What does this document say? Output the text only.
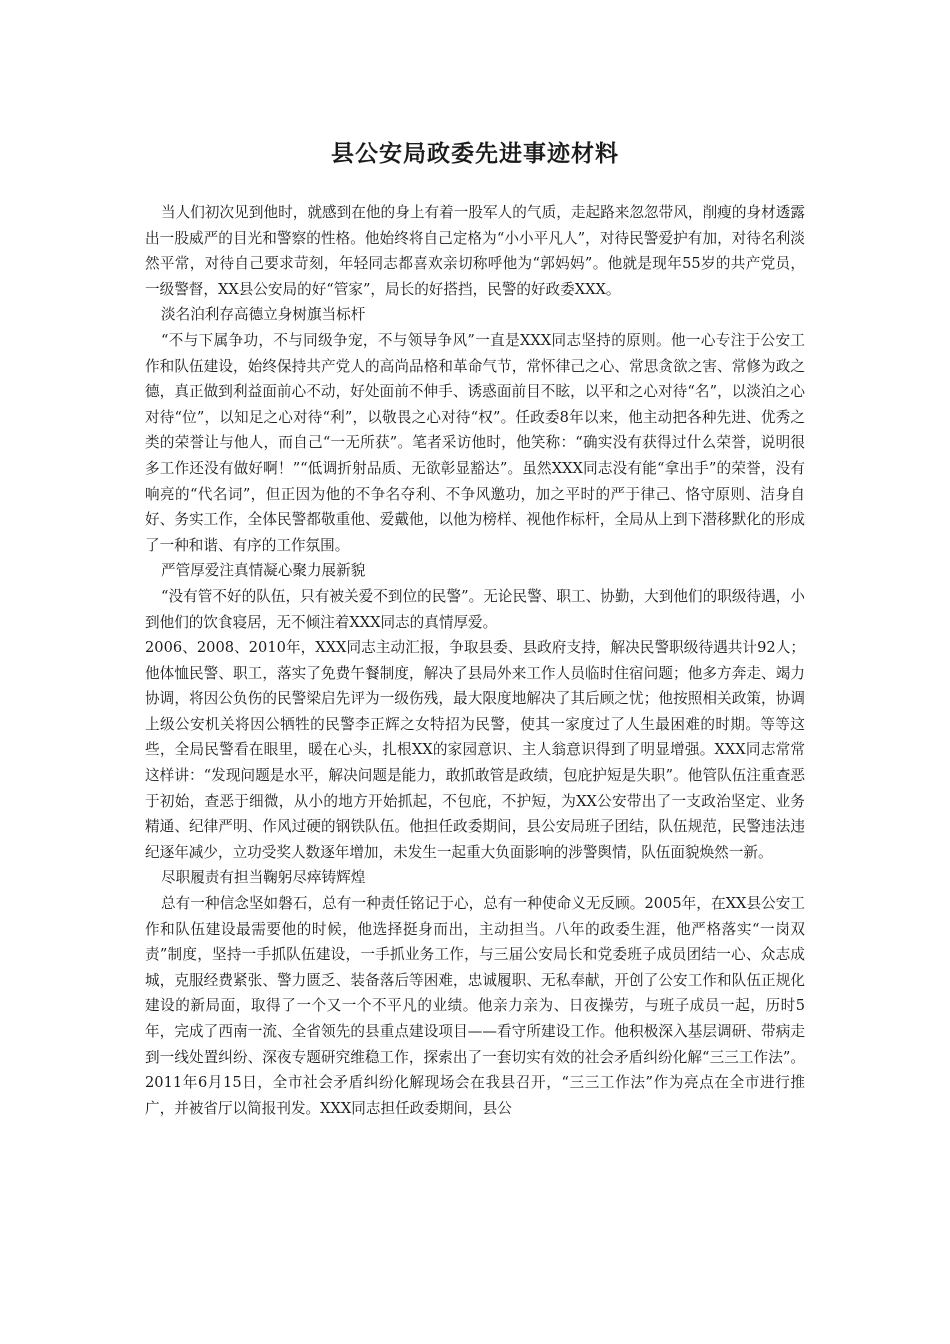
县公安局政委先进事迹材料

当人们初次见到他时，就感到在他的身上有着一股军人的气质，走起路来忽忽带风，削瘦的身材透露出一股威严的目光和警察的性格。他始终将自己定格为“小小平凡人”，对待民警爱护有加，对待名利淡然平常，对待自己要求苛刻，年轻同志都喜欢亲切称呼他为“郭妈妈”。他就是现年55岁的共产党员，一级警督，XX县公安局的好“管家”，局长的好搭挡，民警的好政委XXX。

淡名泊利存高德立身树旗当标杆

“不与下属争功，不与同级争宠，不与领导争风”一直是XXX同志坚持的原则。他一心专注于公安工作和队伍建设，始终保持共产党人的高尚品格和革命气节，常怀律己之心、常思贪欲之害、常修为政之德，真正做到利益面前心不动，好处面前不伸手、诱惑面前目不眩，以平和之心对待“名”，以淡泊之心对待“位”，以知足之心对待“利”，以敬畏之心对待“权”。任政委8年以来，他主动把各种先进、优秀之类的荣誉让与他人，而自己“一无所获”。笔者采访他时，他笑称：“确实没有获得过什么荣誉，说明很多工作还没有做好啊！”“低调折射品质、无欲彰显豁达”。虽然XXX同志没有能“拿出手”的荣誉，没有响亮的“代名词”，但正因为他的不争名夺利、不争风邀功，加之平时的严于律己、恪守原则、洁身自好、务实工作，全体民警都敬重他、爱戴他，以他为榜样、视他作标杆，全局从上到下潜移默化的形成了一种和谐、有序的工作氛围。

严管厚爱注真情凝心聚力展新貌

“没有管不好的队伍，只有被关爱不到位的民警”。无论民警、职工、协勤，大到他们的职级待遇，小到他们的饮食寝居，无不倾注着XXX同志的真情厚爱。

2006、2008、2010年，XXX同志主动汇报，争取县委、县政府支持，解决民警职级待遇共计92人；他体恤民警、职工，落实了免费午餐制度，解决了县局外来工作人员临时住宿问题；他多方奔走、竭力协调，将因公负伤的民警梁启先评为一级伤残，最大限度地解决了其后顾之忧；他按照相关政策，协调上级公安机关将因公牺牲的民警李正辉之女特招为民警，使其一家度过了人生最困难的时期。等等这些，全局民警看在眼里，暖在心头，扎根XX的家园意识、主人翁意识得到了明显增强。XXX同志常常这样讲：“发现问题是水平，解决问题是能力，敢抓敢管是政绩，包庇护短是失职”。他管队伍注重查恶于初始，查恶于细微，从小的地方开始抓起，不包庇，不护短，为XX公安带出了一支政治坚定、业务精通、纪律严明、作风过硬的钢铁队伍。他担任政委期间，县公安局班子团结，队伍规范，民警违法违纪逐年减少，立功受奖人数逐年增加，未发生一起重大负面影响的涉警舆情，队伍面貌焕然一新。

尽职履责有担当鞠躬尽瘁铸辉煌

总有一种信念坚如磐石，总有一种责任铭记于心，总有一种使命义无反顾。2005年，在XX县公安工作和队伍建设最需要他的时候，他选择挺身而出，主动担当。八年的政委生涯，他严格落实“一岗双责”制度，坚持一手抓队伍建设，一手抓业务工作，与三届公安局长和党委班子成员团结一心、众志成城，克服经费紧张、警力匮乏、装备落后等困难，忠诚履职、无私奉献，开创了公安工作和队伍正规化建设的新局面，取得了一个又一个不平凡的业绩。他亲力亲为、日夜操劳，与班子成员一起，历时5年，完成了西南一流、全省领先的县重点建设项目——看守所建设工作。他积极深入基层调研、带病走到一线处置纠纷、深夜专题研究维稳工作，探索出了一套切实有效的社会矛盾纠纷化解“三三工作法”。2011年6月15日，全市社会矛盾纠纷化解现场会在我县召开，“三三工作法”作为亮点在全市进行推广，并被省厅以简报刊发。XXX同志担任政委期间，县公
